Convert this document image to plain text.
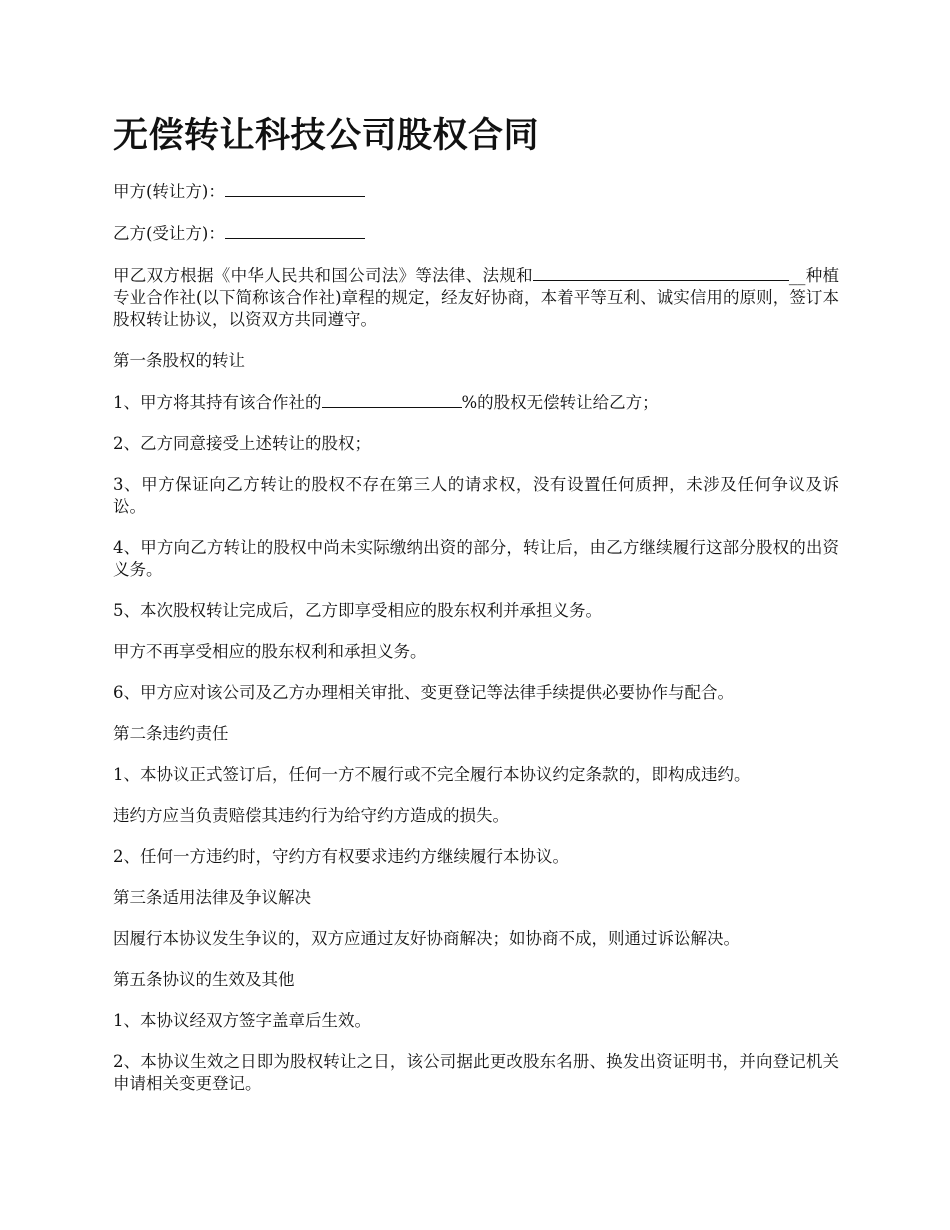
无偿转让科技公司股权合同

甲方(转让方)：

乙方(受让方)：

甲乙双方根据《中华人民共和国公司法》等法律、法规和	__种植专业合作社(以下简称该合作社)章程的规定，经友好协商，本着平等互利、诚实信用的原则，签订本股权转让协议，以资双方共同遵守。

第一条股权的转让

1、甲方将其持有该合作社的	%的股权无偿转让给乙方；

2、乙方同意接受上述转让的股权；

3、甲方保证向乙方转让的股权不存在第三人的请求权，没有设置任何质押，未涉及任何争议及诉讼。

4、甲方向乙方转让的股权中尚未实际缴纳出资的部分，转让后，由乙方继续履行这部分股权的出资义务。

5、本次股权转让完成后，乙方即享受相应的股东权利并承担义务。

甲方不再享受相应的股东权利和承担义务。

6、甲方应对该公司及乙方办理相关审批、变更登记等法律手续提供必要协作与配合。

第二条违约责任

1、本协议正式签订后，任何一方不履行或不完全履行本协议约定条款的，即构成违约。

违约方应当负责赔偿其违约行为给守约方造成的损失。

2、任何一方违约时，守约方有权要求违约方继续履行本协议。

第三条适用法律及争议解决

因履行本协议发生争议的，双方应通过友好协商解决；如协商不成，则通过诉讼解决。

第五条协议的生效及其他

1、本协议经双方签字盖章后生效。

2、本协议生效之日即为股权转让之日，该公司据此更改股东名册、换发出资证明书，并向登记机关申请相关变更登记。
